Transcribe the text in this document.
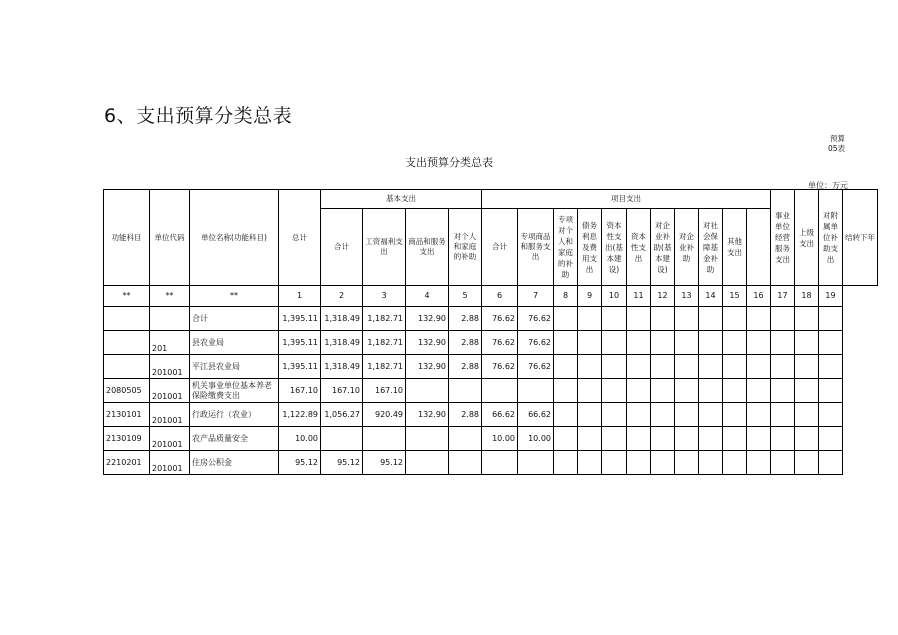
6、支出预算分类总表
预算
05表
支出预算分类总表
单位：万元
功能科目	单位代码	单位名称(功能科目)	总计	基本支出				项目支出											事业单位经营服务支出	上级支出	对附属单位补助支出	结转下年

				合计	工资福利支出	商品和服务支出	对个人和家庭的补助	合计	专项商品和服务支出	专项对个人和家庭的补助	债务利息及费用支出	资本性支出(基本建设)	资本性支出	对企业补助(基本建设)	对企业补助	对社会保障基金补助	其他支出					

**	**	**	1	2	3	4	5	6	7	8	9	10	11	12	13	14	15	16	17	18	19	
		合计	1,395.11	1,318.49	1,182.71	132.90	2.88	76.62	76.62													
	201	县农业局	1,395.11	1,318.49	1,182.71	132.90	2.88	76.62	76.62													
	201001	平江县农业局	1,395.11	1,318.49	1,182.71	132.90	2.88	76.62	76.62													
2080505	201001	机关事业单位基本养老保险缴费支出	167.10	167.10	167.10																	
2130101	201001	行政运行（农业）	1,122.89	1,056.27	920.49	132.90	2.88	66.62	66.62													
2130109	201001	农产品质量安全	10.00					10.00	10.00													
2210201	201001	住房公积金	95.12	95.12	95.12																	
